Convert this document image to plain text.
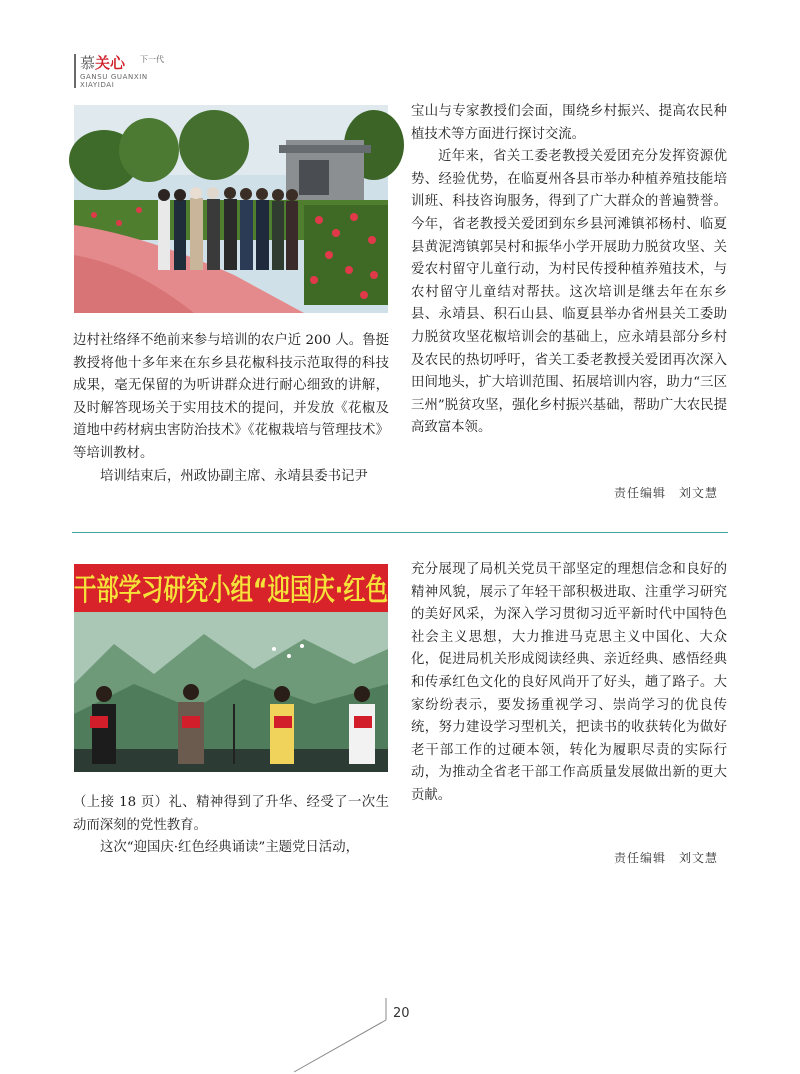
慕关心 下一代
GANSU GUANXIN
XIAYIDAI

边村社络绎不绝前来参与培训的农户近 200 人。鲁挺教授将他十多年来在东乡县花椒科技示范取得的科技成果，毫无保留的为听讲群众进行耐心细致的讲解，及时解答现场关于实用技术的提问，并发放《花椒及道地中药材病虫害防治技术》《花椒栽培与管理技术》等培训教材。

培训结束后，州政协副主席、永靖县委书记尹

宝山与专家教授们会面，围绕乡村振兴、提高农民种植技术等方面进行探讨交流。

近年来，省关工委老教授关爱团充分发挥资源优势、经验优势，在临夏州各县市举办种植养殖技能培训班、科技咨询服务，得到了广大群众的普遍赞誉。今年，省老教授关爱团到东乡县河滩镇祁杨村、临夏县黄泥湾镇郭吴村和振华小学开展助力脱贫攻坚、关爱农村留守儿童行动，为村民传授种植养殖技术，与农村留守儿童结对帮扶。这次培训是继去年在东乡县、永靖县、积石山县、临夏县举办省州县关工委助力脱贫攻坚花椒培训会的基础上，应永靖县部分乡村及农民的热切呼吁，省关工委老教授关爱团再次深入田间地头，扩大培训范围、拓展培训内容，助力“三区三州”脱贫攻坚，强化乡村振兴基础，帮助广大农民提高致富本领。

责任编辑　刘文慧
干部学习研究小组“迎国庆·红色

（上接 18 页）礼、精神得到了升华、经受了一次生动而深刻的党性教育。

这次“迎国庆·红色经典诵读”主题党日活动，

充分展现了局机关党员干部坚定的理想信念和良好的精神风貌，展示了年轻干部积极进取、注重学习研究的美好风采，为深入学习贯彻习近平新时代中国特色社会主义思想，大力推进马克思主义中国化、大众化，促进局机关形成阅读经典、亲近经典、感悟经典和传承红色文化的良好风尚开了好头，趟了路子。大家纷纷表示，要发扬重视学习、崇尚学习的优良传统，努力建设学习型机关，把读书的收获转化为做好老干部工作的过硬本领，转化为履职尽责的实际行动，为推动全省老干部工作高质量发展做出新的更大贡献。

责任编辑　刘文慧
20
